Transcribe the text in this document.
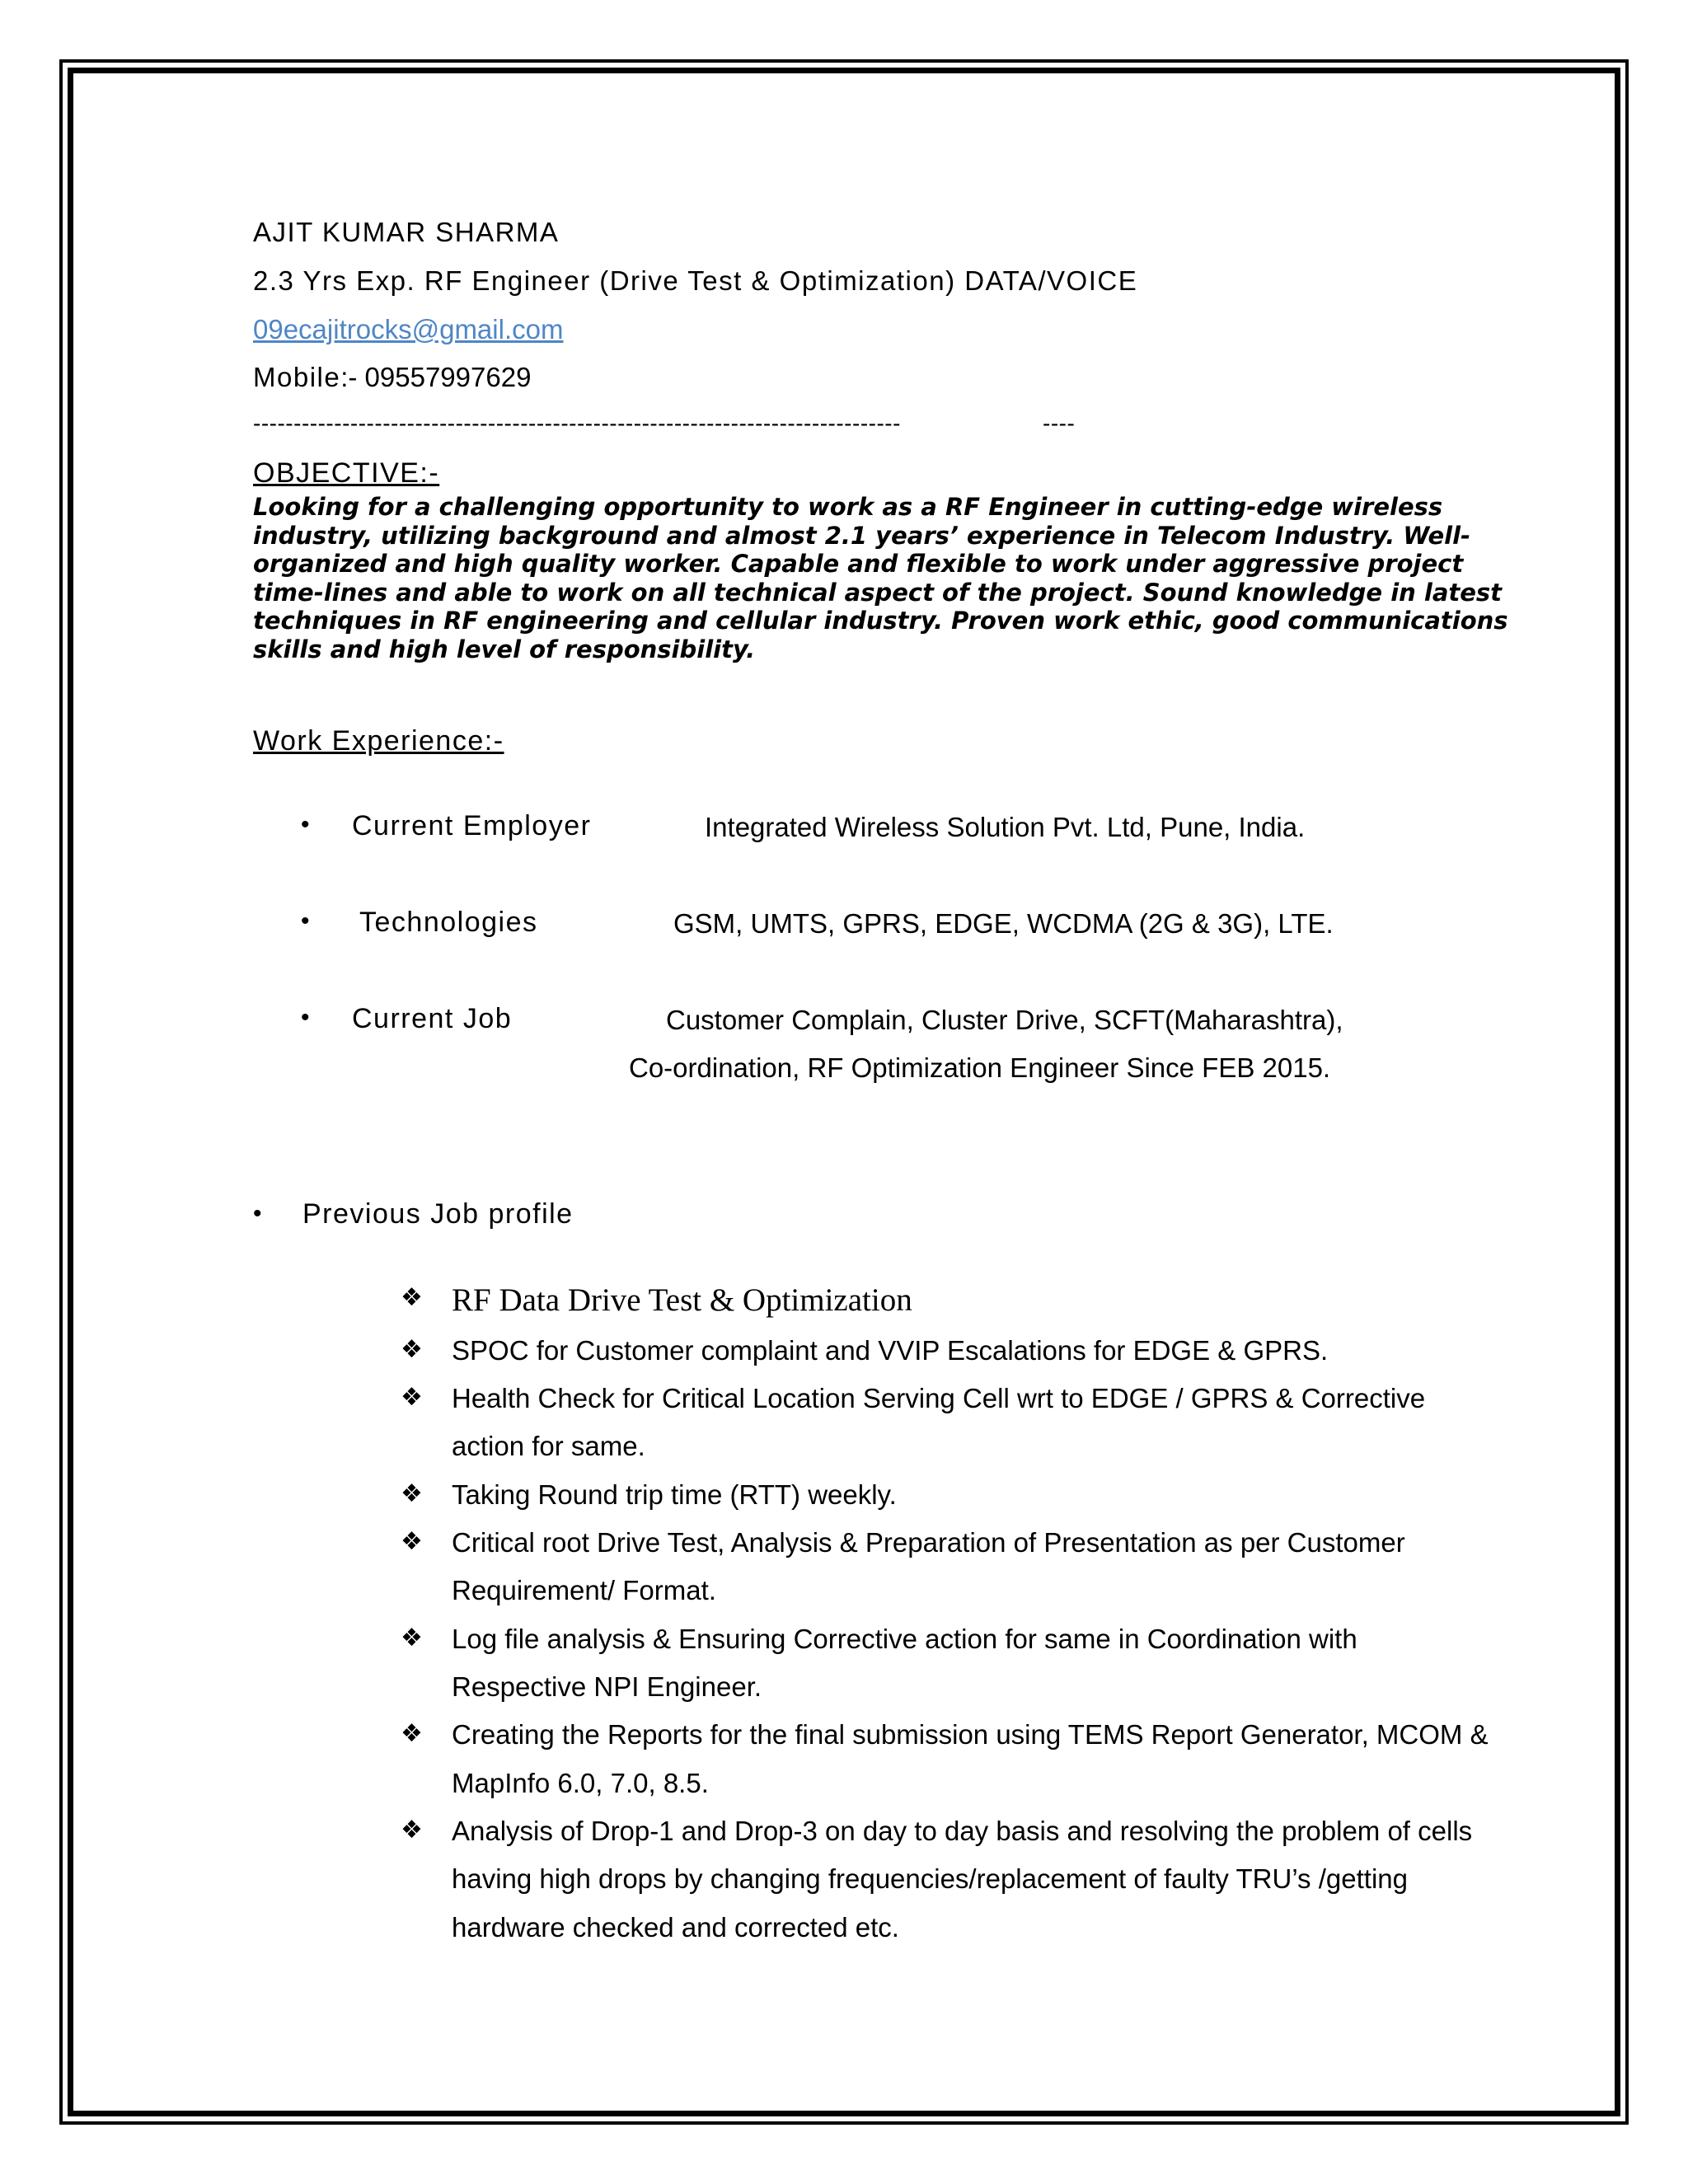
AJIT KUMAR SHARMA
2.3 Yrs Exp. RF Engineer (Drive Test & Optimization) DATA/VOICE
09ecajitrocks@gmail.com
Mobile:- 09557997629
--------------------------------------------------------------------------------	----
OBJECTIVE:-
Looking for a challenging opportunity to work as a RF Engineer in cutting-edge wireless
industry, utilizing background and almost 2.1 years’ experience in Telecom Industry. Well-
organized and high quality worker. Capable and flexible to work under aggressive project
time-lines and able to work on all technical aspect of the project. Sound knowledge in latest
techniques in RF engineering and cellular industry. Proven work ethic, good communications
skills and high level of responsibility.
Work Experience:-
• Current Employer	Integrated Wireless Solution Pvt. Ltd, Pune, India.
• Technologies	GSM, UMTS, GPRS, EDGE, WCDMA (2G & 3G), LTE.
• Current Job	Customer Complain, Cluster Drive, SCFT(Maharashtra),
Co-ordination, RF Optimization Engineer Since FEB 2015.
• Previous Job profile
❖ RF Data Drive Test & Optimization
❖ SPOC for Customer complaint and VVIP Escalations for EDGE & GPRS.
❖ Health Check for Critical Location Serving Cell wrt to EDGE / GPRS & Corrective
action for same.
❖ Taking Round trip time (RTT) weekly.
❖ Critical root Drive Test, Analysis & Preparation of Presentation as per Customer
Requirement/ Format.
❖ Log file analysis & Ensuring Corrective action for same in Coordination with
Respective NPI Engineer.
❖ Creating the Reports for the final submission using TEMS Report Generator, MCOM &
MapInfo 6.0, 7.0, 8.5.
❖ Analysis of Drop-1 and Drop-3 on day to day basis and resolving the problem of cells
having high drops by changing frequencies/replacement of faulty TRU’s /getting
hardware checked and corrected etc.
